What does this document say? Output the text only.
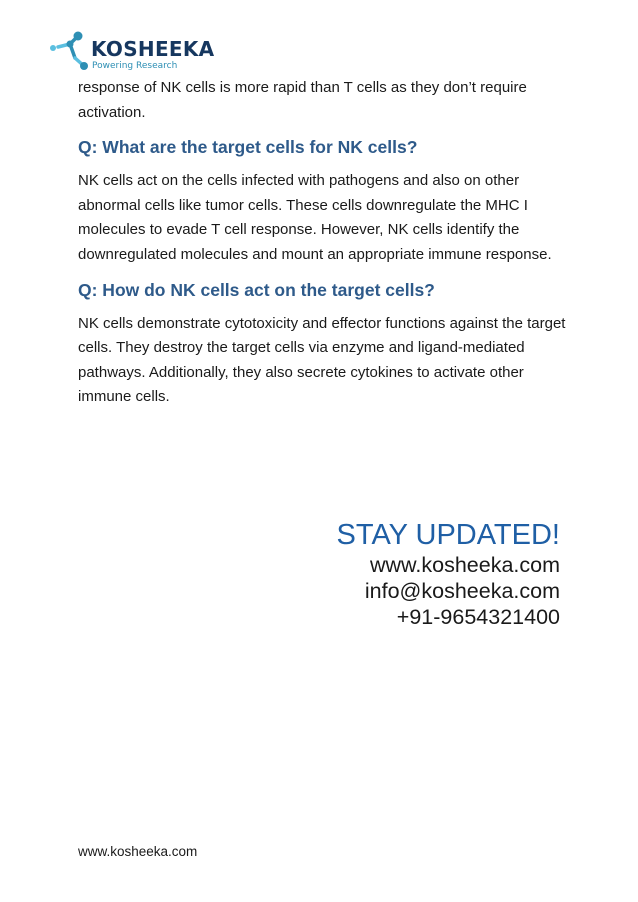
KOSHEEKA
Powering Research

response of NK cells is more rapid than T cells as they don’t require activation.

Q: What are the target cells for NK cells?

NK cells act on the cells infected with pathogens and also on other abnormal cells like tumor cells. These cells downregulate the MHC I molecules to evade T cell response. However, NK cells identify the downregulated molecules and mount an appropriate immune response.

Q: How do NK cells act on the target cells?

NK cells demonstrate cytotoxicity and effector functions against the target cells. They destroy the target cells via enzyme and ligand-mediated pathways. Additionally, they also secrete cytokines to activate other immune cells.

STAY UPDATED!

www.kosheeka.com

info@kosheeka.com

+91-9654321400

www.kosheeka.com
